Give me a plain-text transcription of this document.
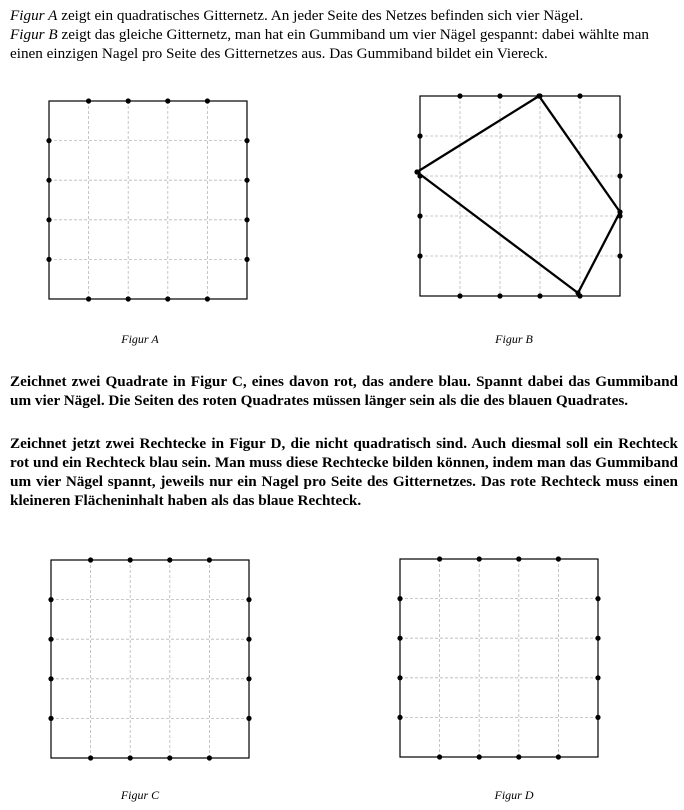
Figur A zeigt ein quadratisches Gitternetz. An jeder Seite des Netzes befinden sich vier Nägel.

Figur B zeigt das gleiche Gitternetz, man hat ein Gummiband um vier Nägel gespannt: dabei wählte man einen einzigen Nagel pro Seite des Gitternetzes aus. Das Gummiband bildet ein Viereck.

Figur A	Figur B

Zeichnet zwei Quadrate in Figur C, eines davon rot, das andere blau. Spannt dabei das Gummiband um vier Nägel. Die Seiten des roten Quadrates müssen länger sein als die des blauen Quadrates.

Zeichnet jetzt zwei Rechtecke in Figur D, die nicht quadratisch sind. Auch diesmal soll ein Rechteck rot und ein Rechteck blau sein. Man muss diese Rechtecke bilden können, indem man das Gummiband um vier Nägel spannt, jeweils nur ein Nagel pro Seite des Gitternetzes. Das rote Rechteck muss einen kleineren Flächeninhalt haben als das blaue Rechteck.

Figur C	Figur D
